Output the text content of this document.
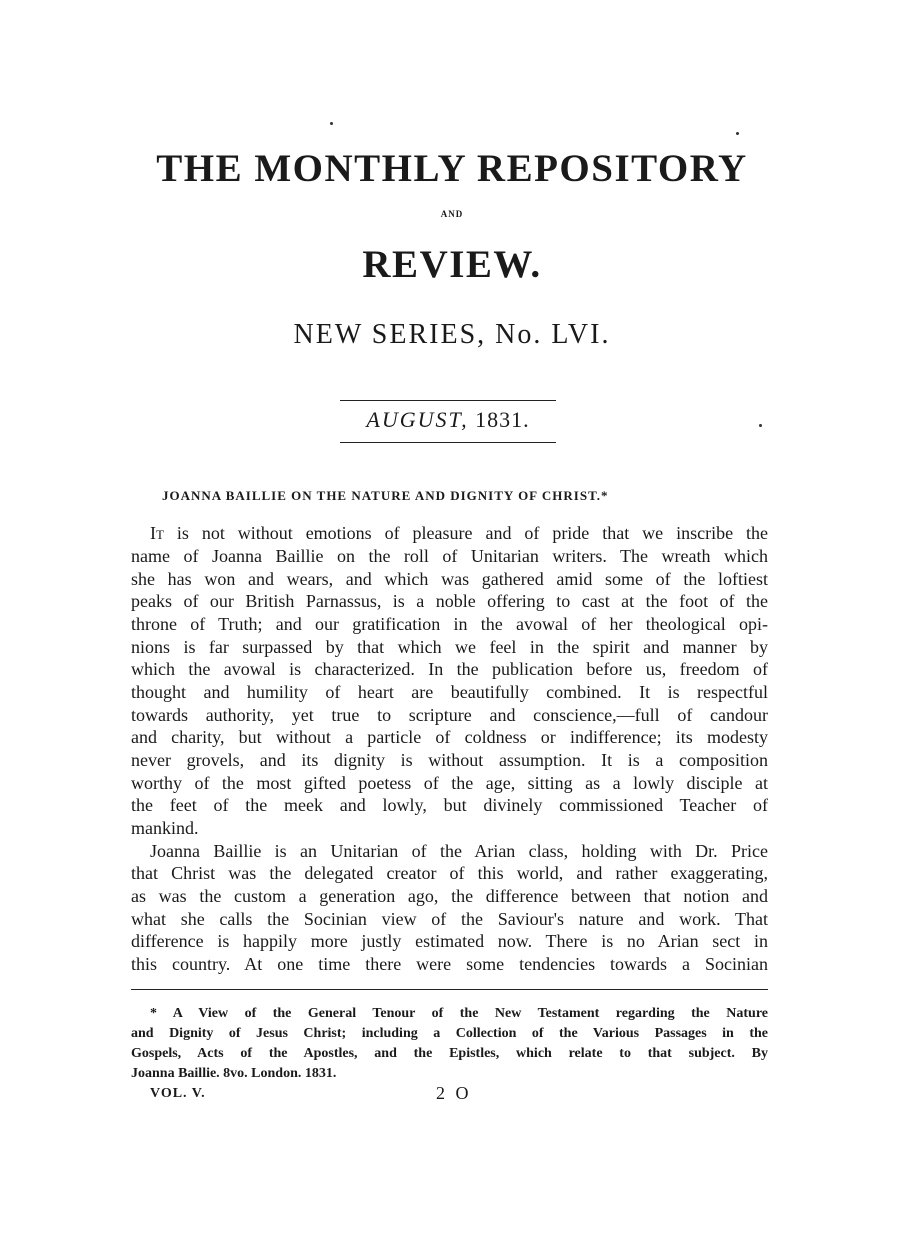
THE MONTHLY REPOSITORY
AND
REVIEW.
NEW SERIES, No. LVI.
AUGUST, 1831.
JOANNA BAILLIE ON THE NATURE AND DIGNITY OF CHRIST.*
It is not without emotions of pleasure and of pride that we inscribe the
name of Joanna Baillie on the roll of Unitarian writers. The wreath which
she has won and wears, and which was gathered amid some of the loftiest
peaks of our British Parnassus, is a noble offering to cast at the foot of the
throne of Truth; and our gratification in the avowal of her theological opi-
nions is far surpassed by that which we feel in the spirit and manner by
which the avowal is characterized. In the publication before us, freedom of
thought and humility of heart are beautifully combined. It is respectful
towards authority, yet true to scripture and conscience,—full of candour
and charity, but without a particle of coldness or indifference; its modesty
never grovels, and its dignity is without assumption. It is a composition
worthy of the most gifted poetess of the age, sitting as a lowly disciple at
the feet of the meek and lowly, but divinely commissioned Teacher of
mankind.
Joanna Baillie is an Unitarian of the Arian class, holding with Dr. Price
that Christ was the delegated creator of this world, and rather exaggerating,
as was the custom a generation ago, the difference between that notion and
what she calls the Socinian view of the Saviour's nature and work. That
difference is happily more justly estimated now. There is no Arian sect in
this country. At one time there were some tendencies towards a Socinian
* A View of the General Tenour of the New Testament regarding the Nature
and Dignity of Jesus Christ; including a Collection of the Various Passages in the
Gospels, Acts of the Apostles, and the Epistles, which relate to that subject. By
Joanna Baillie. 8vo. London. 1831.
VOL. V.	2 O
